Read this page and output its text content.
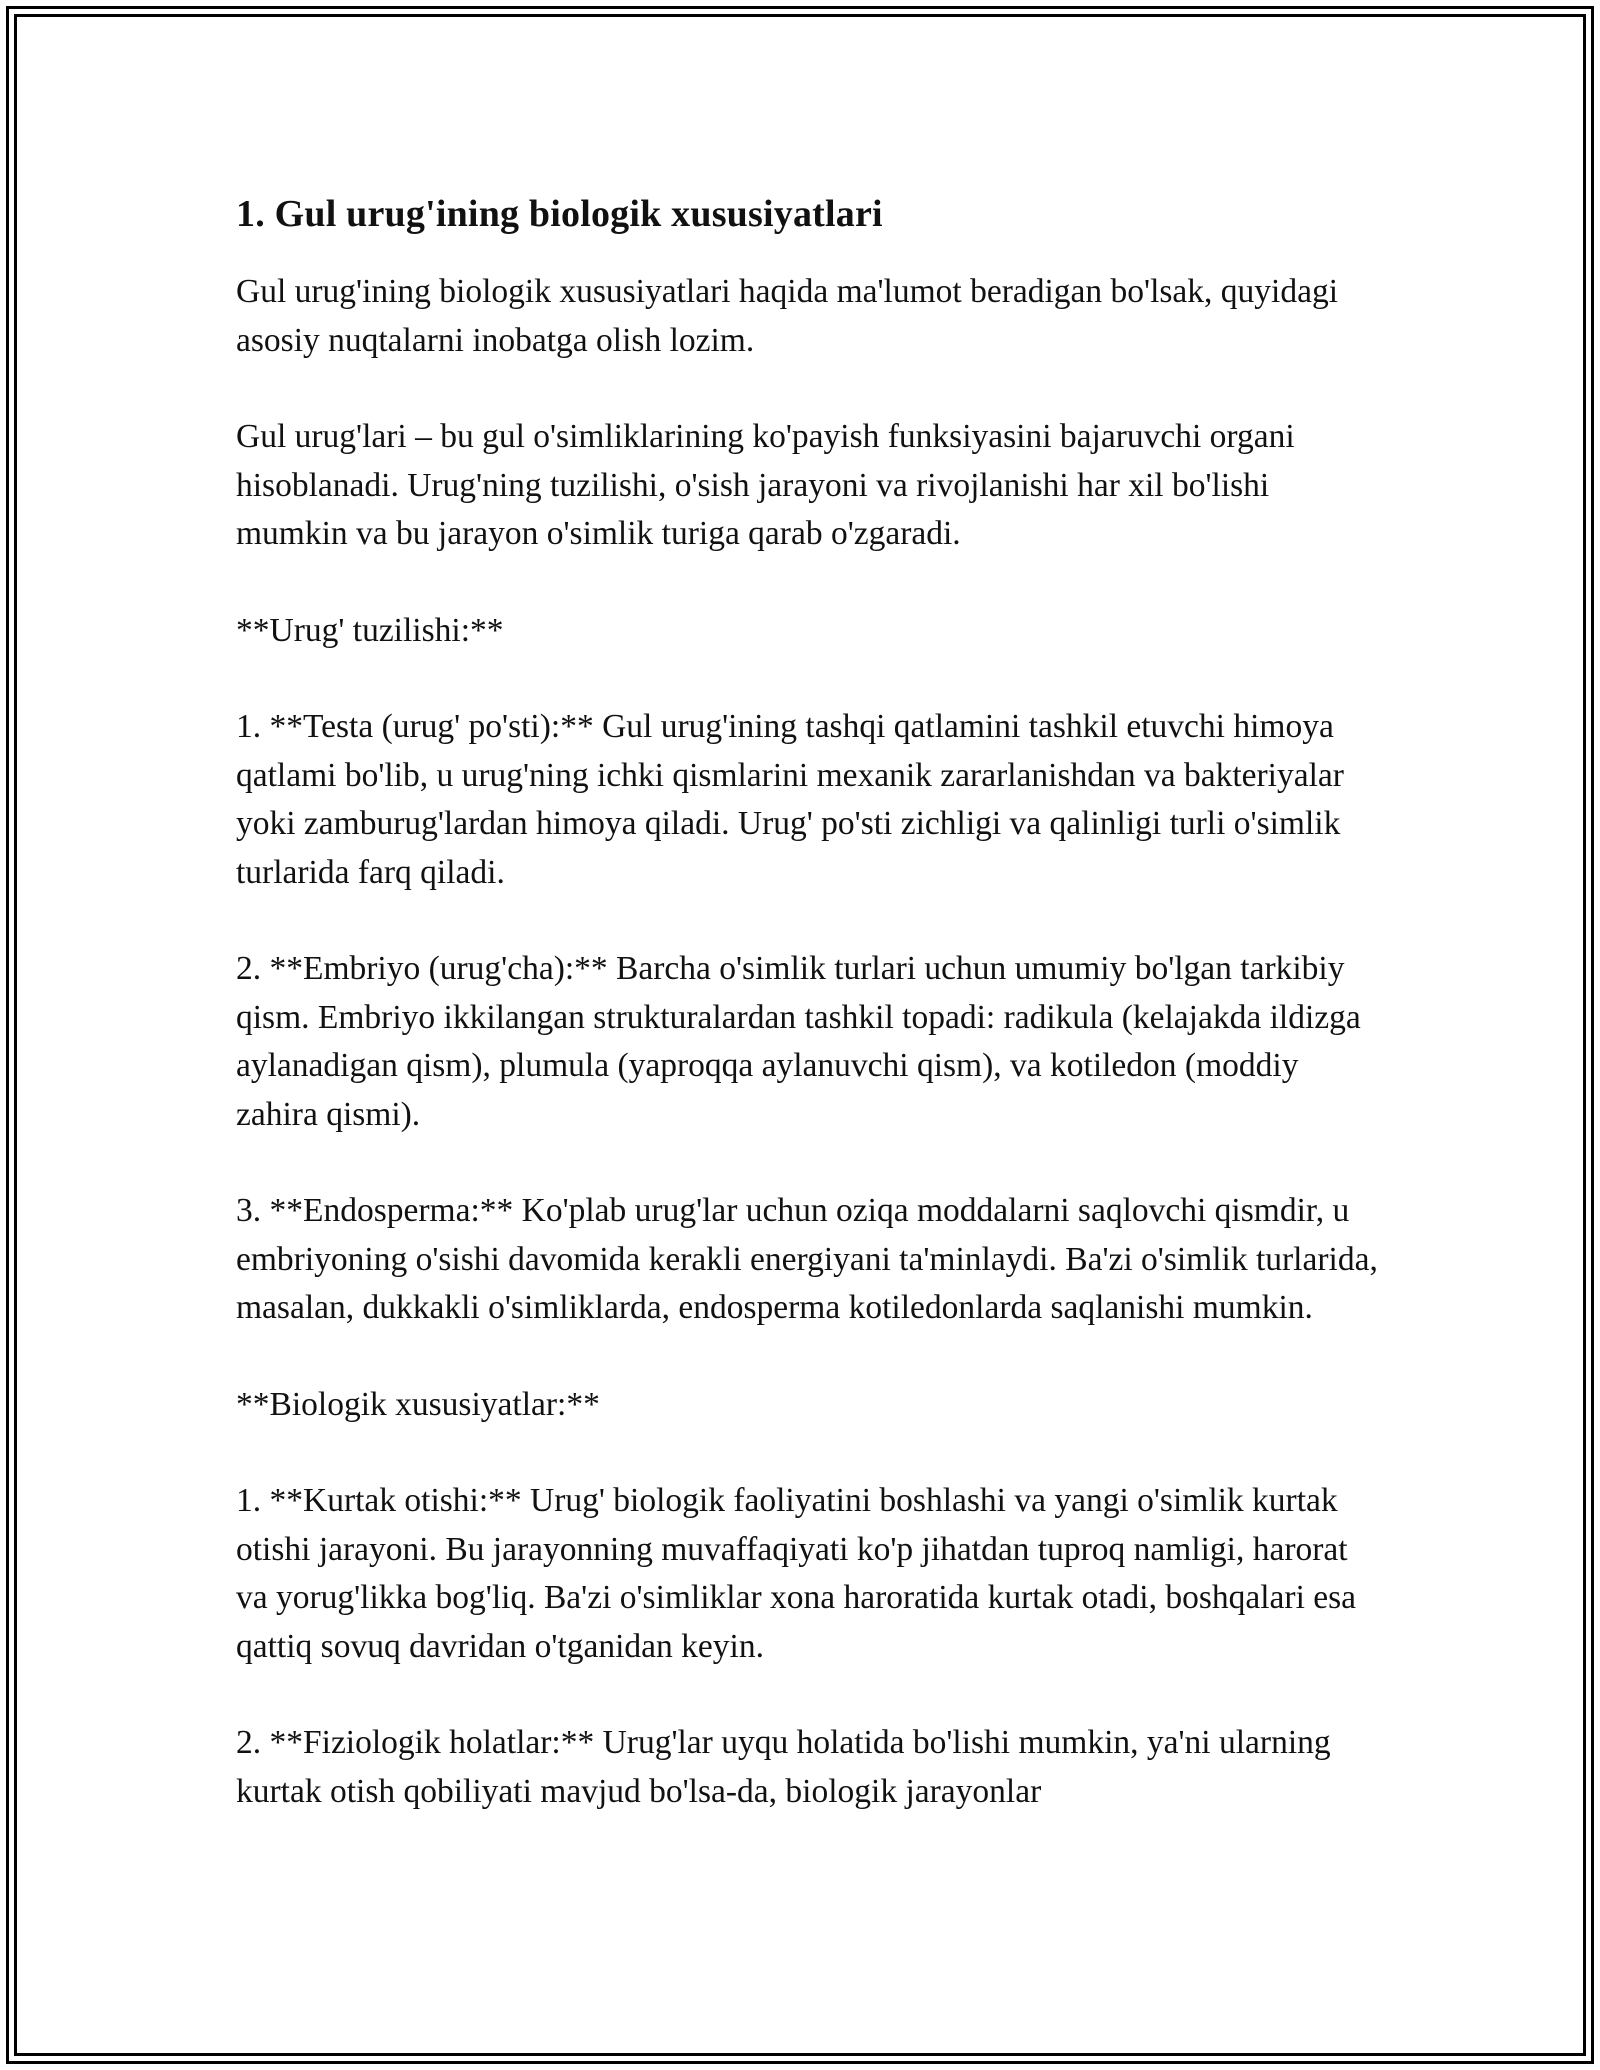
1. Gul urug'ining biologik xususiyatlari

Gul urug'ining biologik xususiyatlari haqida ma'lumot beradigan bo'lsak, quyidagi asosiy nuqtalarni inobatga olish lozim.

Gul urug'lari – bu gul o'simliklarining ko'payish funksiyasini bajaruvchi organi hisoblanadi. Urug'ning tuzilishi, o'sish jarayoni va rivojlanishi har xil bo'lishi mumkin va bu jarayon o'simlik turiga qarab o'zgaradi.

**Urug' tuzilishi:**

1. **Testa (urug' po'sti):** Gul urug'ining tashqi qatlamini tashkil etuvchi himoya qatlami bo'lib, u urug'ning ichki qismlarini mexanik zararlanishdan va bakteriyalar yoki zamburug'lardan himoya qiladi. Urug' po'sti zichligi va qalinligi turli o'simlik turlarida farq qiladi.

2. **Embriyo (urug'cha):** Barcha o'simlik turlari uchun umumiy bo'lgan tarkibiy qism. Embriyo ikkilangan strukturalardan tashkil topadi: radikula (kelajakda ildizga aylanadigan qism), plumula (yaproqqa aylanuvchi qism), va kotiledon (moddiy zahira qismi).

3. **Endosperma:** Ko'plab urug'lar uchun oziqa moddalarni saqlovchi qismdir, u embriyoning o'sishi davomida kerakli energiyani ta'minlaydi. Ba'zi o'simlik turlarida, masalan, dukkakli o'simliklarda, endosperma kotiledonlarda saqlanishi mumkin.

**Biologik xususiyatlar:**

1. **Kurtak otishi:** Urug' biologik faoliyatini boshlashi va yangi o'simlik kurtak otishi jarayoni. Bu jarayonning muvaffaqiyati ko'p jihatdan tuproq namligi, harorat va yorug'likka bog'liq. Ba'zi o'simliklar xona haroratida kurtak otadi, boshqalari esa qattiq sovuq davridan o'tganidan keyin.

2. **Fiziologik holatlar:** Urug'lar uyqu holatida bo'lishi mumkin, ya'ni ularning kurtak otish qobiliyati mavjud bo'lsa-da, biologik jarayonlar
